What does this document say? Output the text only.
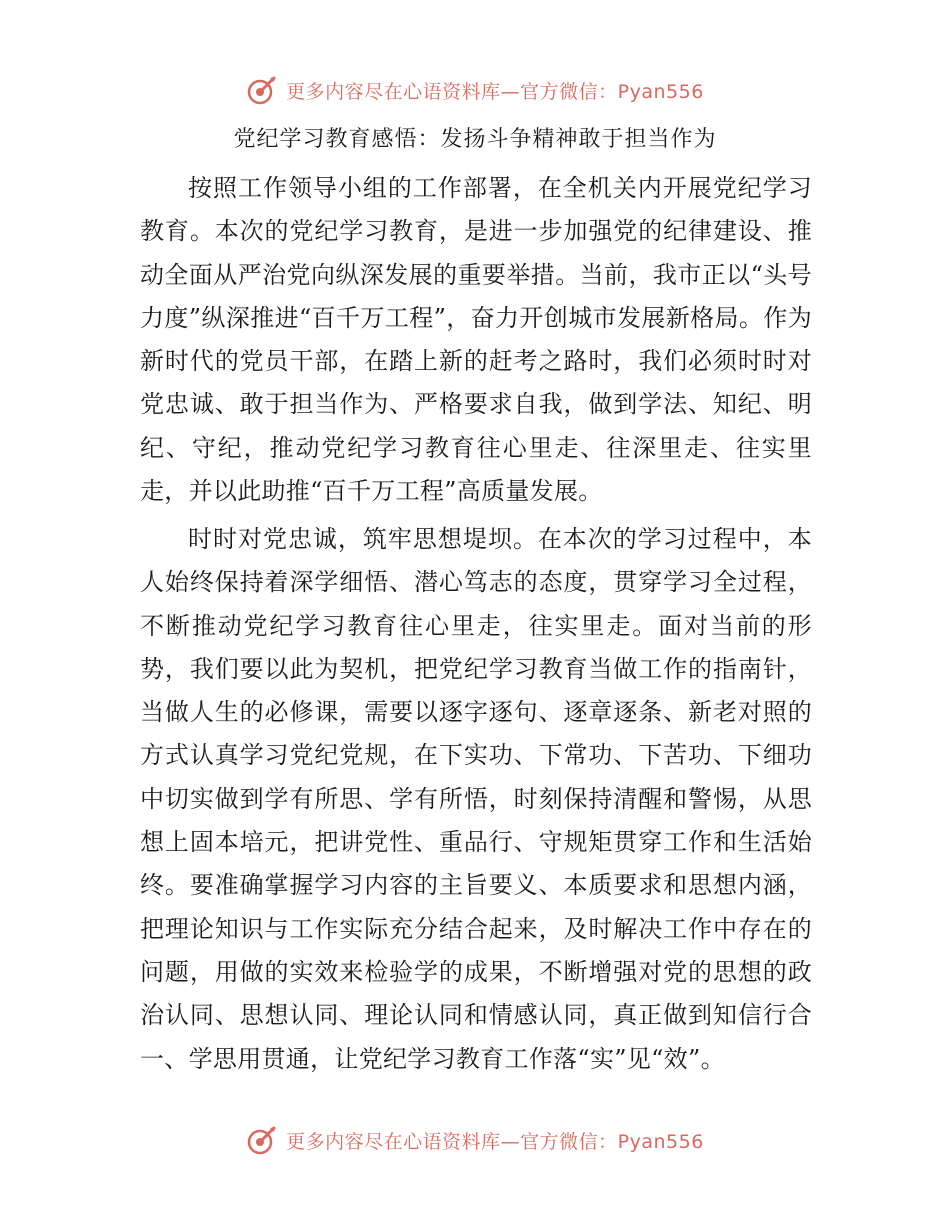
更多内容尽在心语资料库—官方微信：Pyan556
党纪学习教育感悟：发扬斗争精神敢于担当作为

按照工作领导小组的工作部署，在全机关内开展党纪学习教育。本次的党纪学习教育，是进一步加强党的纪律建设、推动全面从严治党向纵深发展的重要举措。当前，我市正以“头号力度”纵深推进“百千万工程”，奋力开创城市发展新格局。作为新时代的党员干部，在踏上新的赶考之路时，我们必须时时对党忠诚、敢于担当作为、严格要求自我，做到学法、知纪、明纪、守纪，推动党纪学习教育往心里走、往深里走、往实里走，并以此助推“百千万工程”高质量发展。

时时对党忠诚，筑牢思想堤坝。在本次的学习过程中，本人始终保持着深学细悟、潜心笃志的态度，贯穿学习全过程，不断推动党纪学习教育往心里走，往实里走。面对当前的形势，我们要以此为契机，把党纪学习教育当做工作的指南针，当做人生的必修课，需要以逐字逐句、逐章逐条、新老对照的方式认真学习党纪党规，在下实功、下常功、下苦功、下细功中切实做到学有所思、学有所悟，时刻保持清醒和警惕，从思想上固本培元，把讲党性、重品行、守规矩贯穿工作和生活始终。要准确掌握学习内容的主旨要义、本质要求和思想内涵，把理论知识与工作实际充分结合起来，及时解决工作中存在的问题，用做的实效来检验学的成果，不断增强对党的思想的政治认同、思想认同、理论认同和情感认同，真正做到知信行合一、学思用贯通，让党纪学习教育工作落“实”见“效”。

更多内容尽在心语资料库—官方微信：Pyan556
